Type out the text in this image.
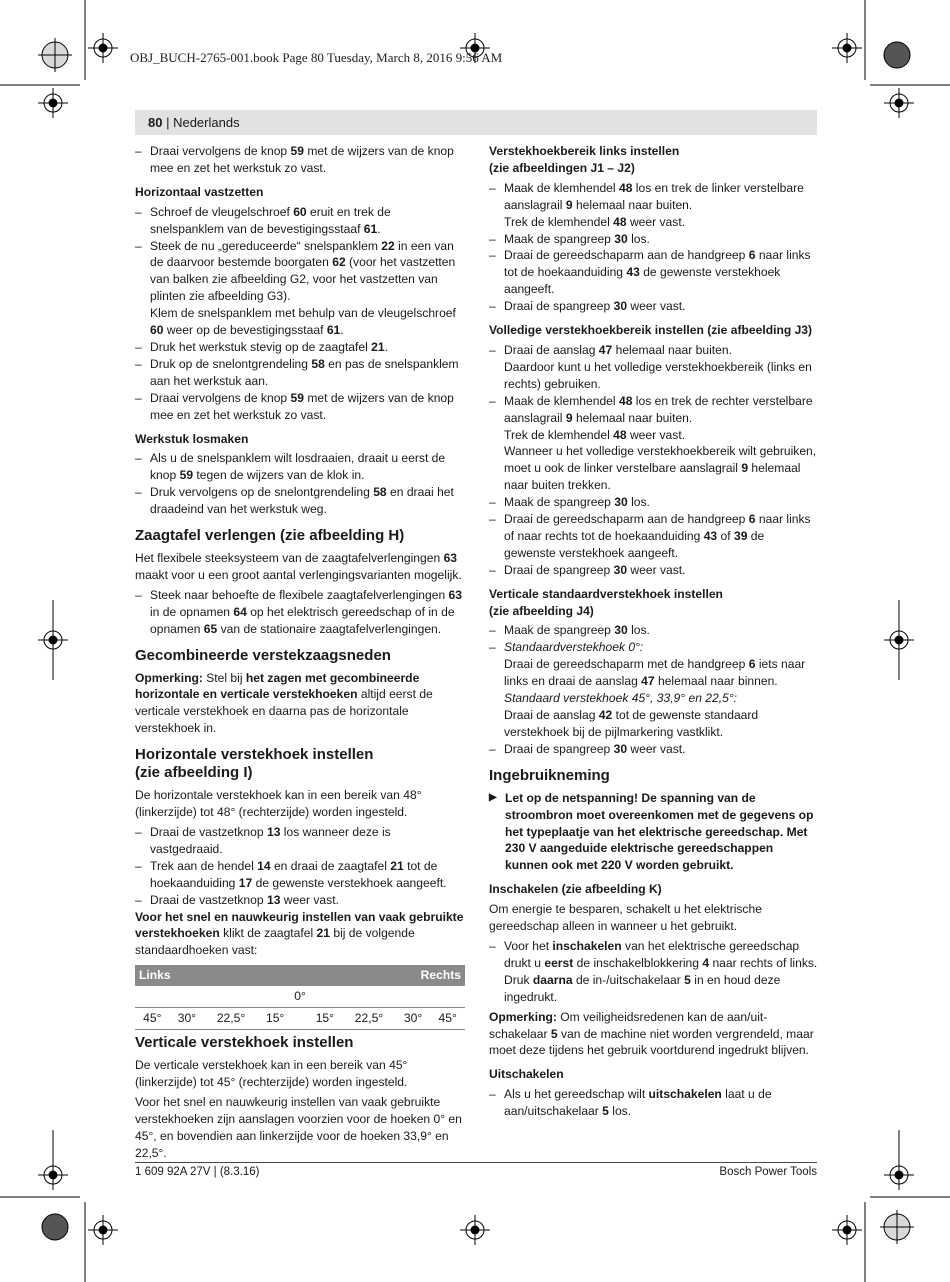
OBJ_BUCH-2765-001.book Page 80 Tuesday, March 8, 2016 9:56 AM
80 | Nederlands
– Draai vervolgens de knop 59 met de wijzers van de knop mee en zet het werkstuk zo vast.
Horizontaal vastzetten
– Schroef de vleugelschroef 60 eruit en trek de snelspanklem van de bevestigingsstaaf 61.
– Steek de nu „gereduceerde“ snelspanklem 22 in een van de daarvoor bestemde boorgaten 62 (voor het vastzetten van balken zie afbeelding G2, voor het vastzetten van plinten zie afbeelding G3).
Klem de snelspanklem met behulp van de vleugelschroef 60 weer op de bevestigingsstaaf 61.
– Druk het werkstuk stevig op de zaagtafel 21.
– Druk op de snelontgrendeling 58 en pas de snelspanklem aan het werkstuk aan.
– Draai vervolgens de knop 59 met de wijzers van de knop mee en zet het werkstuk zo vast.
Werkstuk losmaken
– Als u de snelspanklem wilt losdraaien, draait u eerst de knop 59 tegen de wijzers van de klok in.
– Druk vervolgens op de snelontgrendeling 58 en draai het draadeind van het werkstuk weg.
Zaagtafel verlengen (zie afbeelding H)

Het flexibele steeksysteem van de zaagtafelverlengingen 63 maakt voor u een groot aantal verlengingsvarianten mogelijk.

– Steek naar behoefte de flexibele zaagtafelverlengingen 63 in de opnamen 64 op het elektrisch gereedschap of in de opnamen 65 van de stationaire zaagtafelverlengingen.
Gecombineerde verstekzaagsneden

Opmerking: Stel bij het zagen met gecombineerde horizontale en verticale verstekhoeken altijd eerst de verticale verstekhoek en daarna pas de horizontale verstekhoek in.

Horizontale verstekhoek instellen
(zie afbeelding I)

De horizontale verstekhoek kan in een bereik van 48° (linkerzijde) tot 48° (rechterzijde) worden ingesteld.

– Draai de vastzetknop 13 los wanneer deze is vastgedraaid.
– Trek aan de hendel 14 en draai de zaagtafel 21 tot de hoekaanduiding 17 de gewenste verstekhoek aangeeft.
– Draai de vastzetknop 13 weer vast.

Voor het snel en nauwkeurig instellen van vaak gebruikte verstekhoeken klikt de zaagtafel 21 bij de volgende standaardhoeken vast:

Links					Rechts			
0°								
45°	30°	22,5°	15°		15°	22,5°	30°	45°
Verticale verstekhoek instellen

De verticale verstekhoek kan in een bereik van 45° (linkerzijde) tot 45° (rechterzijde) worden ingesteld.

Voor het snel en nauwkeurig instellen van vaak gebruikte verstekhoeken zijn aanslagen voorzien voor de hoeken 0° en 45°, en bovendien aan linkerzijde voor de hoeken 33,9° en 22,5°.

Verstekhoekbereik links instellen
(zie afbeeldingen J1 – J2)
– Maak de klemhendel 48 los en trek de linker verstelbare aanslagrail 9 helemaal naar buiten.
Trek de klemhendel 48 weer vast.
– Maak de spangreep 30 los.
– Draai de gereedschaparm aan de handgreep 6 naar links tot de hoekaanduiding 43 de gewenste verstekhoek aangeeft.
– Draai de spangreep 30 weer vast.
Volledige verstekhoekbereik instellen (zie afbeelding J3)
– Draai de aanslag 47 helemaal naar buiten.
Daardoor kunt u het volledige verstekhoekbereik (links en rechts) gebruiken.
– Maak de klemhendel 48 los en trek de rechter verstelbare aanslagrail 9 helemaal naar buiten.
Trek de klemhendel 48 weer vast.
Wanneer u het volledige verstekhoekbereik wilt gebruiken, moet u ook de linker verstelbare aanslagrail 9 helemaal naar buiten trekken.
– Maak de spangreep 30 los.
– Draai de gereedschaparm aan de handgreep 6 naar links of naar rechts tot de hoekaanduiding 43 of 39 de gewenste verstekhoek aangeeft.
– Draai de spangreep 30 weer vast.
Verticale standaardverstekhoek instellen
(zie afbeelding J4)
– Maak de spangreep 30 los.
– Standaardverstekhoek 0°:
Draai de gereedschaparm met de handgreep 6 iets naar links en draai de aanslag 47 helemaal naar binnen.
Standaard verstekhoek 45°, 33,9° en 22,5°:
Draai de aanslag 42 tot de gewenste standaard verstekhoek bij de pijlmarkering vastklikt.
– Draai de spangreep 30 weer vast.
Ingebruikneming
▶ Let op de netspanning! De spanning van de stroombron moet overeenkomen met de gegevens op het typeplaatje van het elektrische gereedschap. Met 230 V aangeduide elektrische gereedschappen kunnen ook met 220 V worden gebruikt.
Inschakelen (zie afbeelding K)

Om energie te besparen, schakelt u het elektrische gereedschap alleen in wanneer u het gebruikt.

– Voor het inschakelen van het elektrische gereedschap drukt u eerst de inschakelblokkering 4 naar rechts of links. Druk daarna de in-/uitschakelaar 5 in en houd deze ingedrukt.

Opmerking: Om veiligheidsredenen kan de aan/uit-schakelaar 5 van de machine niet worden vergrendeld, maar moet deze tijdens het gebruik voortdurend ingedrukt blijven.

Uitschakelen
– Als u het gereedschap wilt uitschakelen laat u de aan/uitschakelaar 5 los.
1 609 92A 27V | (8.3.16)	Bosch Power Tools
